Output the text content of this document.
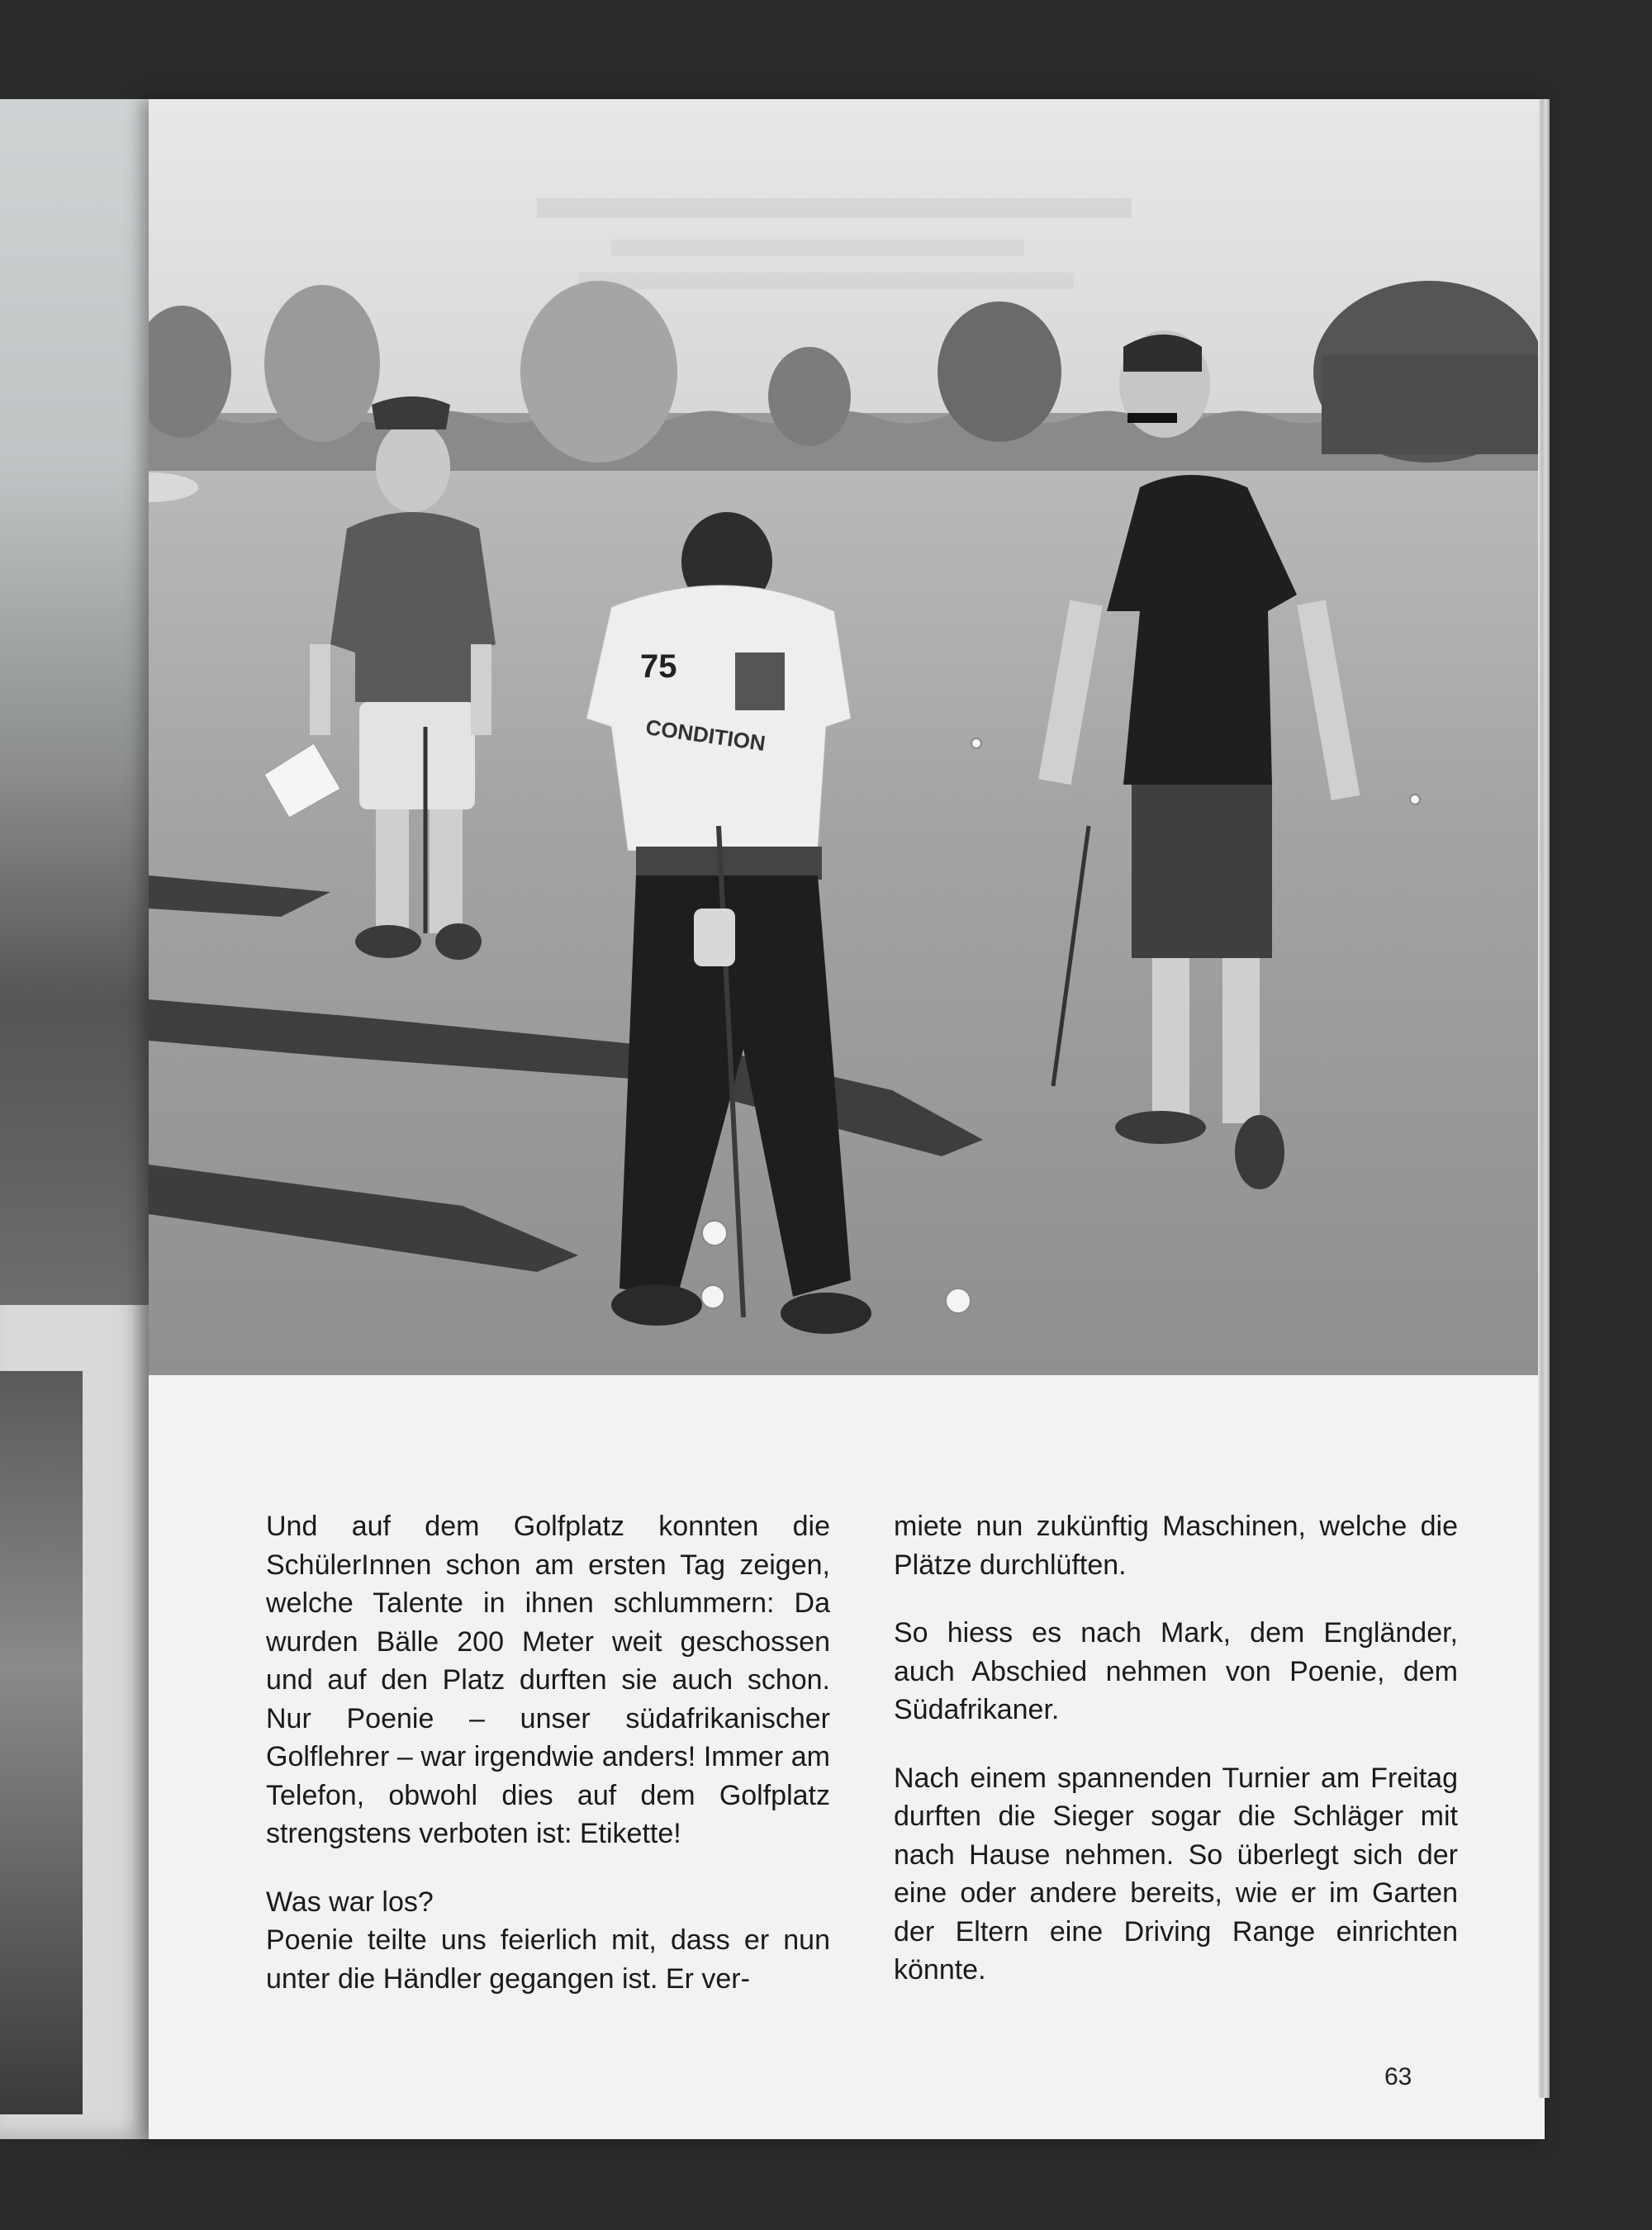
75
CONDITION

Und auf dem Golfplatz konnten die SchülerInnen schon am ersten Tag zeigen, welche Talente in ihnen schlummern: Da wurden Bälle 200 Meter weit geschossen und auf den Platz durften sie auch schon. Nur Poenie – unser südafrikanischer Golflehrer – war irgendwie anders! Immer am Telefon, obwohl dies auf dem Golfplatz strengstens verboten ist: Etikette!

Was war los?

Poenie teilte uns feierlich mit, dass er nun unter die Händler gegangen ist. Er ver-

miete nun zukünftig Maschinen, welche die Plätze durchlüften.

So hiess es nach Mark, dem Engländer, auch Abschied nehmen von Poenie, dem Südafrikaner.

Nach einem spannenden Turnier am Freitag durften die Sieger sogar die Schläger mit nach Hause nehmen. So überlegt sich der eine oder andere bereits, wie er im Garten der Eltern eine Driving Range einrichten könnte.

63
